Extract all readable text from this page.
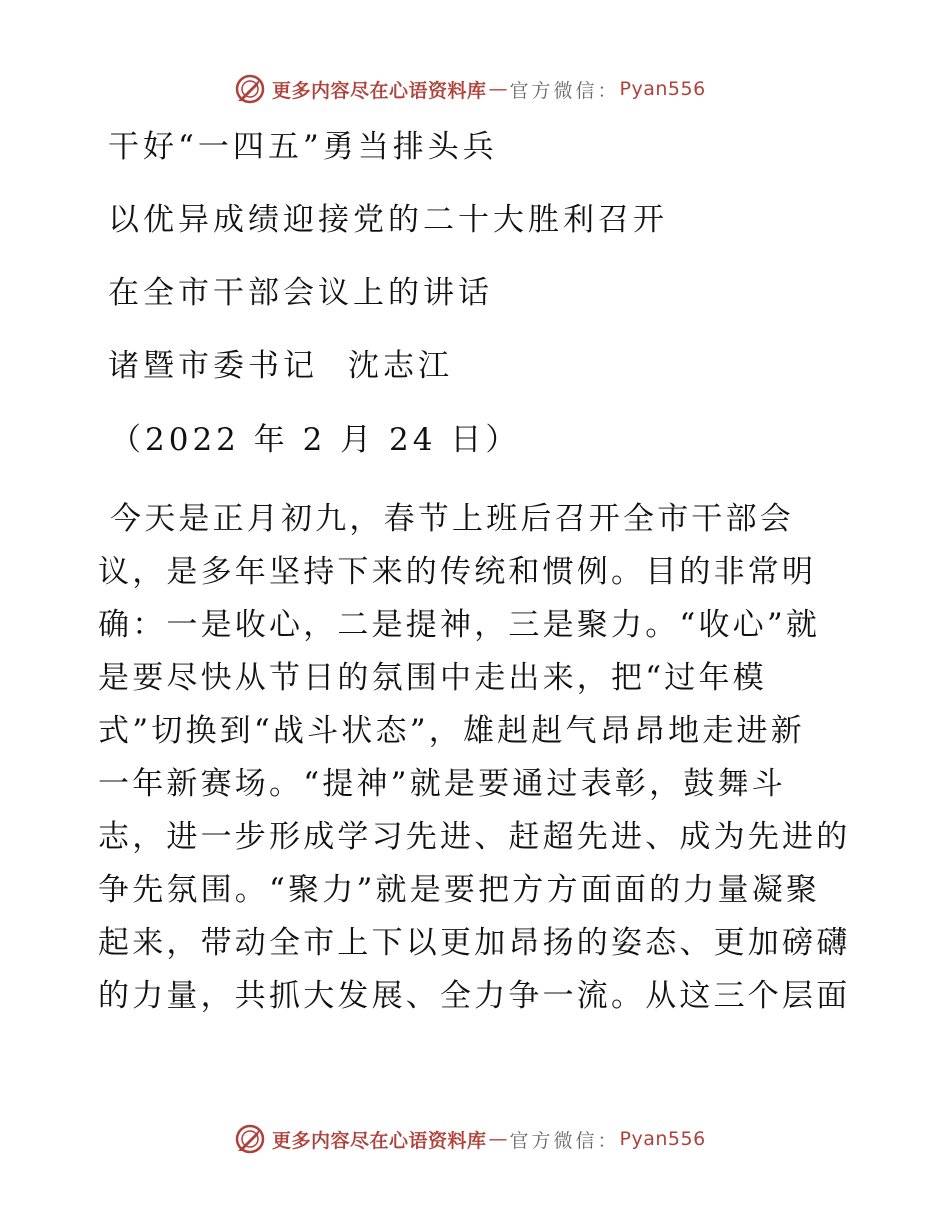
更多内容尽在心语资料库 — 官方微信： Pyan556
干好“一四五”勇当排头兵
以优异成绩迎接党的二十大胜利召开
在全市干部会议上的讲话
诸暨市委书记 沈志江
（2022 年 2 月 24 日）
今天是正月初九，春节上班后召开全市干部会
议，是多年坚持下来的传统和惯例。目的非常明
确：一是收心，二是提神，三是聚力。“收心”就
是要尽快从节日的氛围中走出来，把“过年模
式”切换到“战斗状态”，雄赳赳气昂昂地走进新
一年新赛场。“提神”就是要通过表彰，鼓舞斗
志，进一步形成学习先进、赶超先进、成为先进的
争先氛围。“聚力”就是要把方方面面的力量凝聚
起来，带动全市上下以更加昂扬的姿态、更加磅礴
的力量，共抓大发展、全力争一流。从这三个层面
更多内容尽在心语资料库 — 官方微信： Pyan556
